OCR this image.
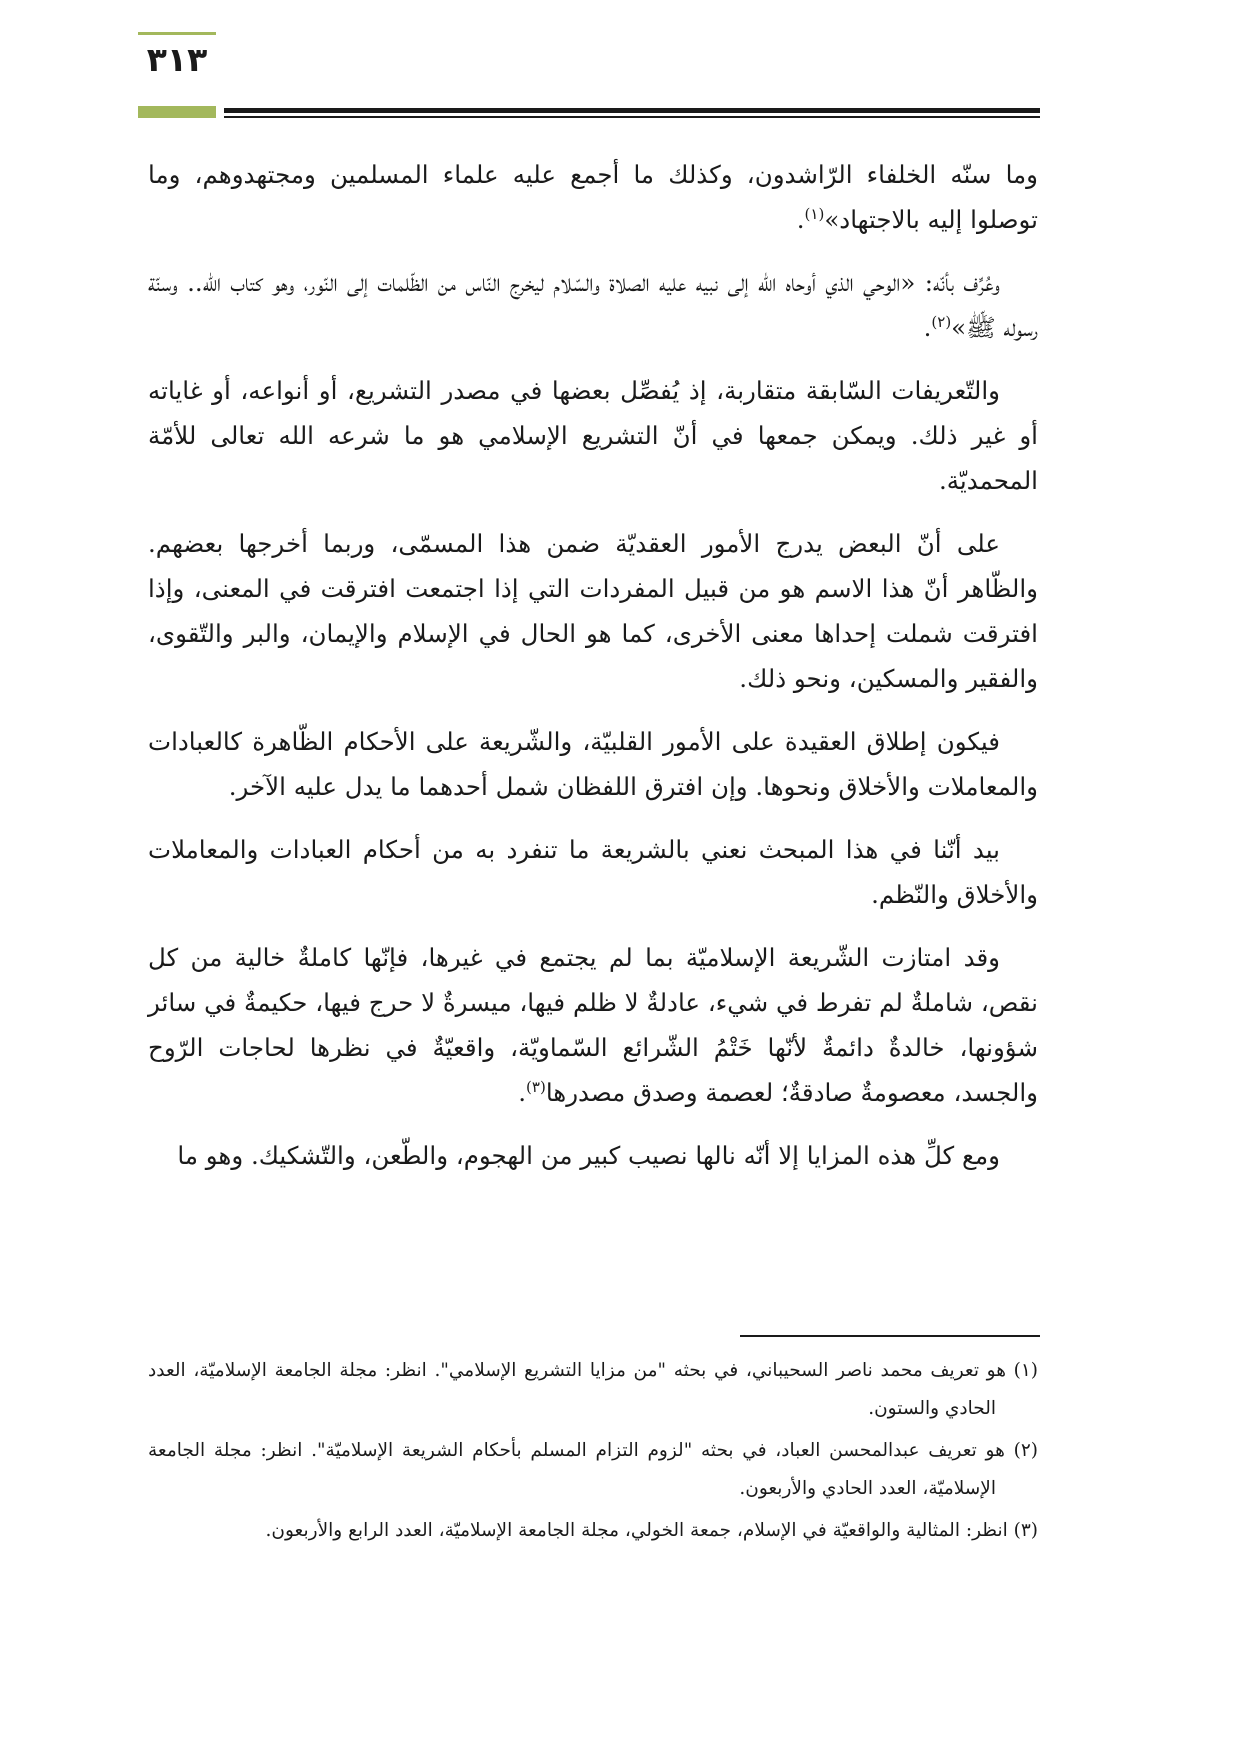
٣١٣

وما سنّه الخلفاء الرّاشدون، وكذلك ما أجمع عليه علماء المسلمين ومجتهدوهم، وما توصلوا إليه بالاجتهاد»$^{(١)}$.

وعُرِّف بأنّه: «الوحي الذي أوحاه الله إلى نبيه عليه الصلاة والسّلام ليخرج النّاس من الظّلمات إلى النّور، وهو كتاب الله.. وسنّة رسوله ﷺ»$^{(٢)}$.

والتّعريفات السّابقة متقاربة، إذ يُفصِّل بعضها في مصدر التشريع، أو أنواعه، أو غاياته أو غير ذلك. ويمكن جمعها في أنّ التشريع الإسلامي هو ما شرعه الله تعالى للأمّة المحمديّة.

على أنّ البعض يدرج الأمور العقديّة ضمن هذا المسمّى، وربما أخرجها بعضهم. والظّاهر أنّ هذا الاسم هو من قبيل المفردات التي إذا اجتمعت افترقت في المعنى، وإذا افترقت شملت إحداها معنى الأخرى، كما هو الحال في الإسلام والإيمان، والبر والتّقوى، والفقير والمسكين، ونحو ذلك.

فيكون إطلاق العقيدة على الأمور القلبيّة، والشّريعة على الأحكام الظّاهرة كالعبادات والمعاملات والأخلاق ونحوها. وإن افترق اللفظان شمل أحدهما ما يدل عليه الآخر.

بيد أنّنا في هذا المبحث نعني بالشريعة ما تنفرد به من أحكام العبادات والمعاملات والأخلاق والنّظم.

وقد امتازت الشّريعة الإسلاميّة بما لم يجتمع في غيرها، فإنّها كاملةٌ خالية من كل نقص، شاملةٌ لم تفرط في شيء، عادلةٌ لا ظلم فيها، ميسرةٌ لا حرج فيها، حكيمةٌ في سائر شؤونها، خالدةٌ دائمةٌ لأنّها خَتْمُ الشّرائع السّماويّة، واقعيّةٌ في نظرها لحاجات الرّوح والجسد، معصومةٌ صادقةٌ؛ لعصمة وصدق مصدرها$^{(٣)}$.

ومع كلِّ هذه المزايا إلا أنّه نالها نصيب كبير من الهجوم، والطّعن، والتّشكيك. وهو ما

(١) هو تعريف محمد ناصر السحيباني، في بحثه "من مزايا التشريع الإسلامي". انظر: مجلة الجامعة الإسلاميّة، العدد الحادي والستون.
(٢) هو تعريف عبدالمحسن العباد، في بحثه "لزوم التزام المسلم بأحكام الشريعة الإسلاميّة". انظر: مجلة الجامعة الإسلاميّة، العدد الحادي والأربعون.
(٣) انظر: المثالية والواقعيّة في الإسلام، جمعة الخولي، مجلة الجامعة الإسلاميّة، العدد الرابع والأربعون.
